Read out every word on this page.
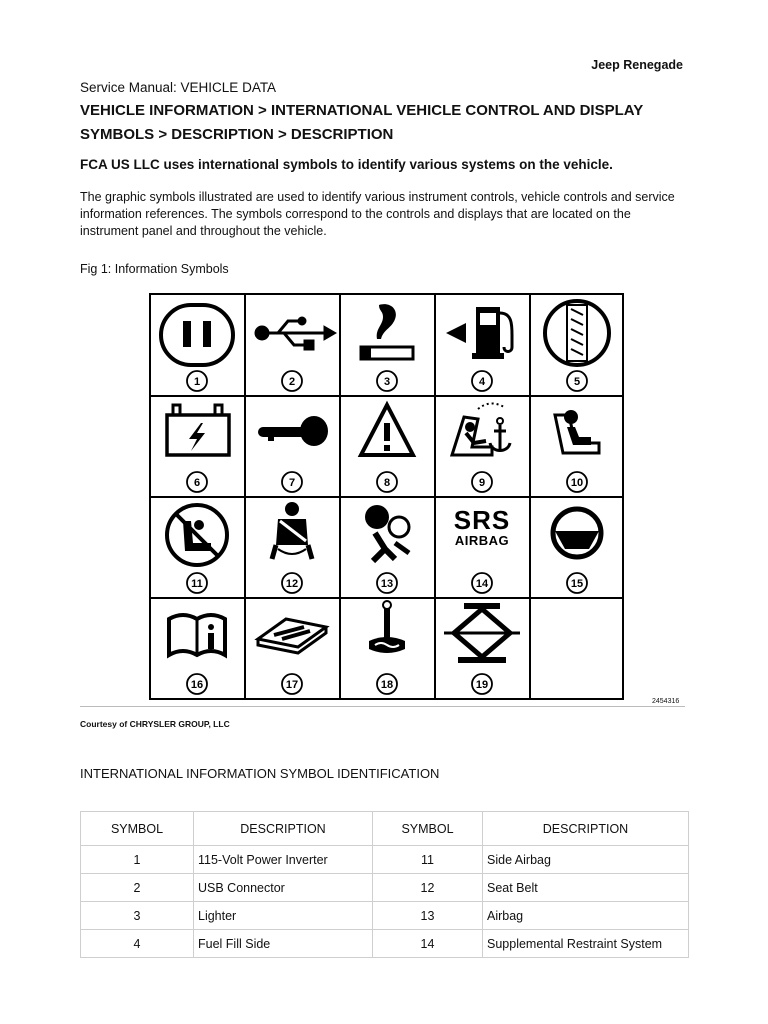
Jeep Renegade
Service Manual: VEHICLE DATA
VEHICLE INFORMATION > INTERNATIONAL VEHICLE CONTROL AND DISPLAY SYMBOLS > DESCRIPTION > DESCRIPTION
FCA US LLC uses international symbols to identify various systems on the vehicle.
The graphic symbols illustrated are used to identify various instrument controls, vehicle controls and service information references. The symbols correspond to the controls and displays that are located on the instrument panel and throughout the vehicle.
Fig 1: Information Symbols
1	2	3	4	5
6	7	8	9	10
11	12	13	14	15
16	17	18	19
SRS
AIRBAG
2454316
Courtesy of CHRYSLER GROUP, LLC
INTERNATIONAL INFORMATION SYMBOL IDENTIFICATION
SYMBOL	DESCRIPTION	SYMBOL	DESCRIPTION
1	115-Volt Power Inverter	11	Side Airbag
2	USB Connector	12	Seat Belt
3	Lighter	13	Airbag
4	Fuel Fill Side	14	Supplemental Restraint System
